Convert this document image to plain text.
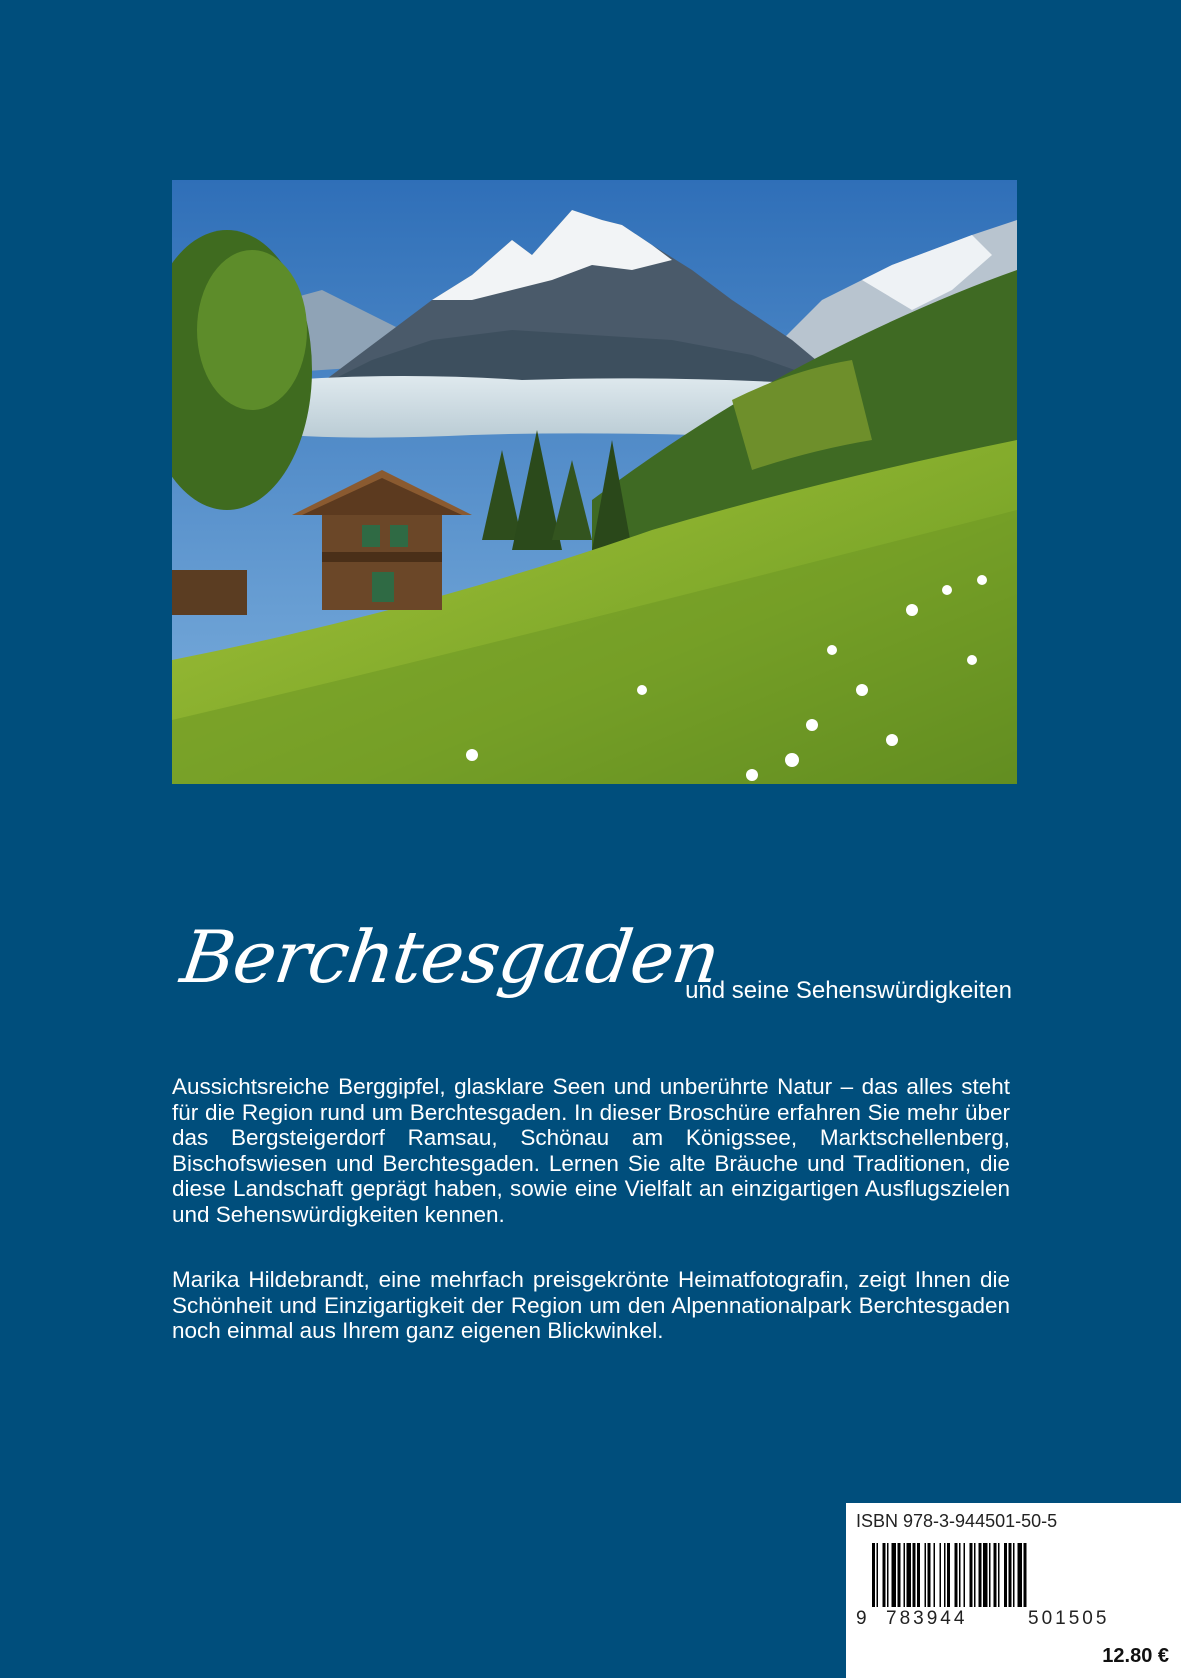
Berchtesgaden
und seine Sehenswürdigkeiten
Aussichtsreiche Berggipfel, glasklare Seen und unberührte Natur – das alles steht für die Region rund um Berchtesgaden. In dieser Broschüre erfahren Sie mehr über das Bergsteigerdorf Ramsau, Schönau am Königssee, Marktschellenberg, Bischofswiesen und Berchtesgaden. Lernen Sie alte Bräuche und Traditionen, die diese Landschaft geprägt haben, sowie eine Vielfalt an einzigartigen Ausflugszielen und Sehenswürdigkeiten kennen.
Marika Hildebrandt, eine mehrfach preisgekrönte Heimatfotografin, zeigt Ihnen die Schönheit und Einzigartigkeit der Region um den Alpennationalpark Berchtesgaden noch einmal aus Ihrem ganz eigenen Blickwinkel.
ISBN 978-3-944501-50-5
9 783944	501505
12.80 €
